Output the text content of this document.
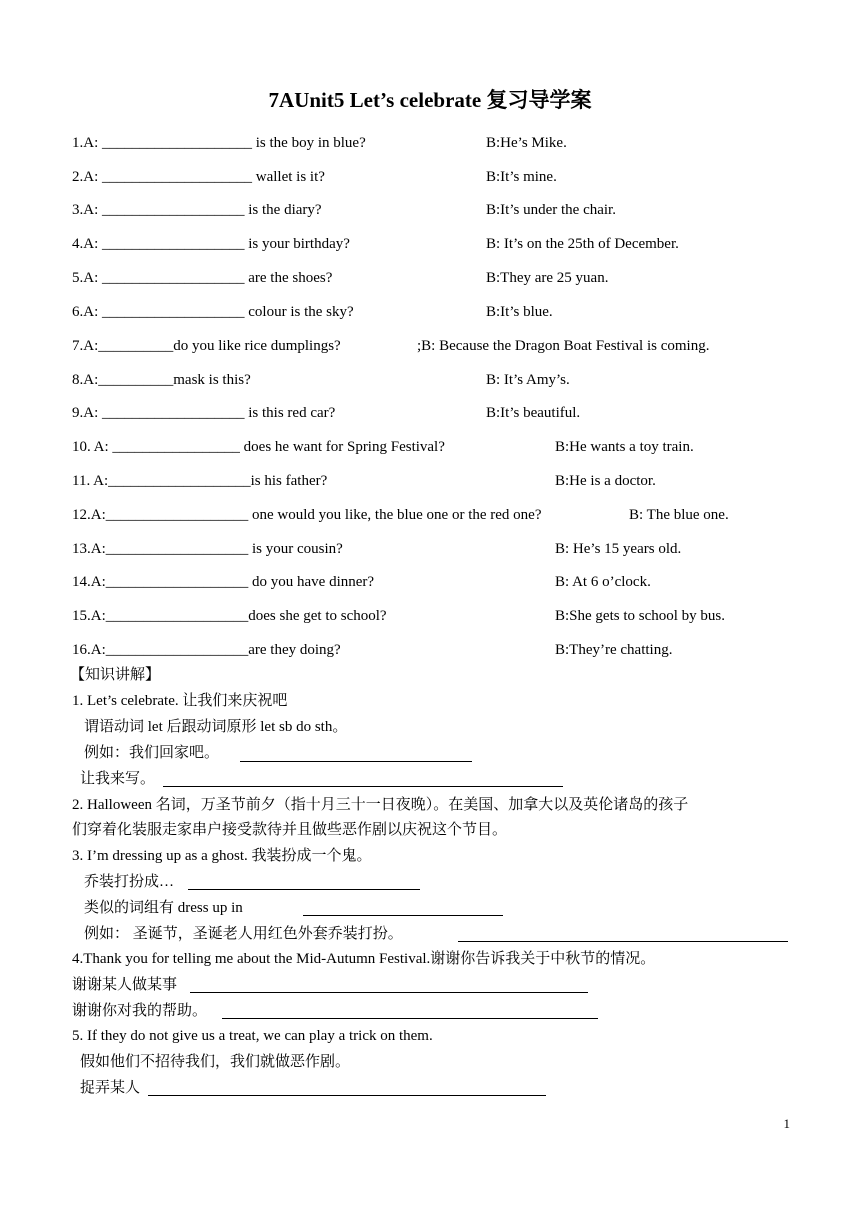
7AUnit5 Let’s celebrate 复习导学案
1.A: ____________________ is the boy in blue?	B:He’s Mike.
2.A: ____________________ wallet is it?	B:It’s mine.
3.A: ___________________ is the diary?	B:It’s under the chair.
4.A: ___________________ is your birthday?	B: It’s on the 25th of December.
5.A: ___________________ are the shoes?	B:They are 25 yuan.
6.A: ___________________ colour is the sky?	B:It’s blue.
7.A:__________do you like rice dumplings?	;B: Because the Dragon Boat Festival is coming.
8.A:__________mask is this?	B: It’s Amy’s.
9.A: ___________________ is this red car?	B:It’s beautiful.
10. A: _________________ does he want for Spring Festival?	B:He wants a toy train.
11. A:___________________is his father?	B:He is a doctor.
12.A:___________________ one would you like, the blue one or the red one?	B: The blue one.
13.A:___________________ is your cousin?	B: He’s 15 years old.
14.A:___________________ do you have dinner?	B: At 6 o’clock.
15.A:___________________does she get to school?	B:She gets to school by bus.
16.A:___________________are they doing?	B:They’re chatting.
【知识讲解】
1. Let’s celebrate. 让我们来庆祝吧
谓语动词 let 后跟动词原形 let sb do sth。
例如：我们回家吧。
让我来写。
2. Halloween 名词，万圣节前夕（指十月三十一日夜晚）。在美国、加拿大以及英伦诸岛的孩子
们穿着化装服走家串户接受款待并且做些恶作剧以庆祝这个节目。
3. I’m dressing up as a ghost. 我装扮成一个鬼。
乔装打扮成…
类似的词组有 dress up in
例如： 圣诞节，圣诞老人用红色外套乔装打扮。
4.Thank you for telling me about the Mid-Autumn Festival.谢谢你告诉我关于中秋节的情况。
谢谢某人做某事
谢谢你对我的帮助。
5. If they do not give us a treat, we can play a trick on them.
假如他们不招待我们，我们就做恶作剧。
捉弄某人
1
